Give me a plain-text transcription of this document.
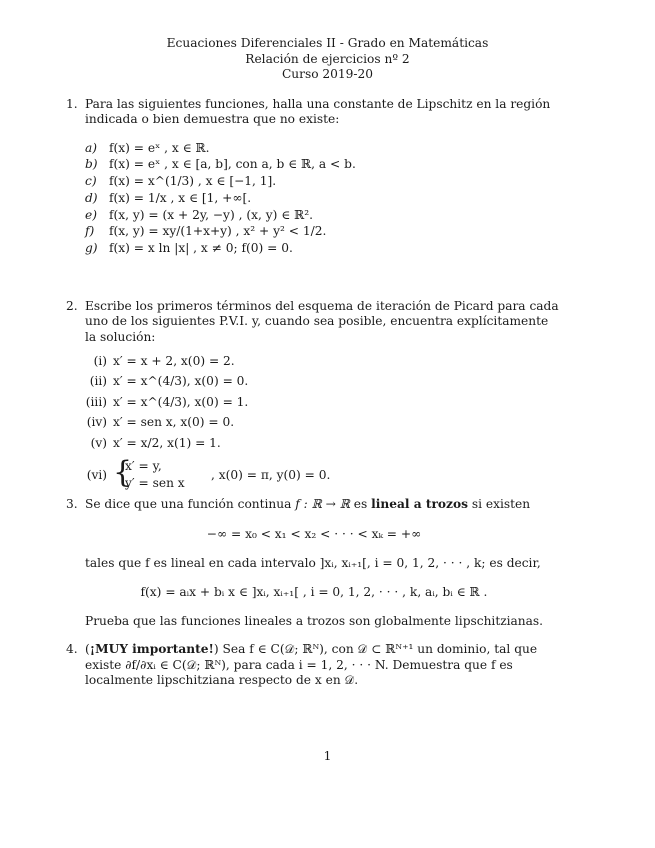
Ecuaciones Diferenciales II - Grado en Matemáticas
Relación de ejercicios nº 2
Curso 2019-20
1. Para las siguientes funciones, halla una constante de Lipschitz en la región indicada o bien demuestra que no existe:

a) f(x) = eˣ , x ∈ ℝ.
b) f(x) = eˣ , x ∈ [a, b], con a, b ∈ ℝ, a < b.
c) f(x) = x^(1/3) , x ∈ [−1, 1].
d) f(x) = 1/x , x ∈ [1, +∞[.
e) f(x, y) = (x + 2y, −y) , (x, y) ∈ ℝ².
f) f(x, y) = xy/(1+x+y) , x² + y² < 1/2.
g) f(x) = x ln |x| , x ≠ 0; f(0) = 0.
2. Escribe los primeros términos del esquema de iteración de Picard para cada uno de los siguientes P.V.I. y, cuando sea posible, encuentra explícitamente la solución:

(i) x′ = x + 2, x(0) = 2.
(ii) x′ = x^(4/3), x(0) = 0.
(iii) x′ = x^(4/3), x(0) = 1.
(iv) x′ = sen x, x(0) = 0.
(v) x′ = x/2, x(1) = 1.
(vi) {
x′ = y,
y′ = sen x
, x(0) = π, y(0) = 0.
3. Se dice que una función continua f : ℝ → ℝ es lineal a trozos si existen

−∞ = x₀ < x₁ < x₂ < · · · < xₖ = +∞

tales que f es lineal en cada intervalo ]xᵢ, xᵢ₊₁[, i = 0, 1, 2, · · · , k; es decir,

f(x) = aᵢx + bᵢ x ∈ ]xᵢ, xᵢ₊₁[ , i = 0, 1, 2, · · · , k, aᵢ, bᵢ ∈ ℝ .

Prueba que las funciones lineales a trozos son globalmente lipschitzianas.

4. (¡MUY importante!) Sea f ∈ C(𝒟; ℝᴺ), con 𝒟 ⊂ ℝᴺ⁺¹ un dominio, tal que existe ∂f/∂xᵢ ∈ C(𝒟; ℝᴺ), para cada i = 1, 2, · · · N. Demuestra que f es localmente lipschitziana respecto de x en 𝒟.

1
